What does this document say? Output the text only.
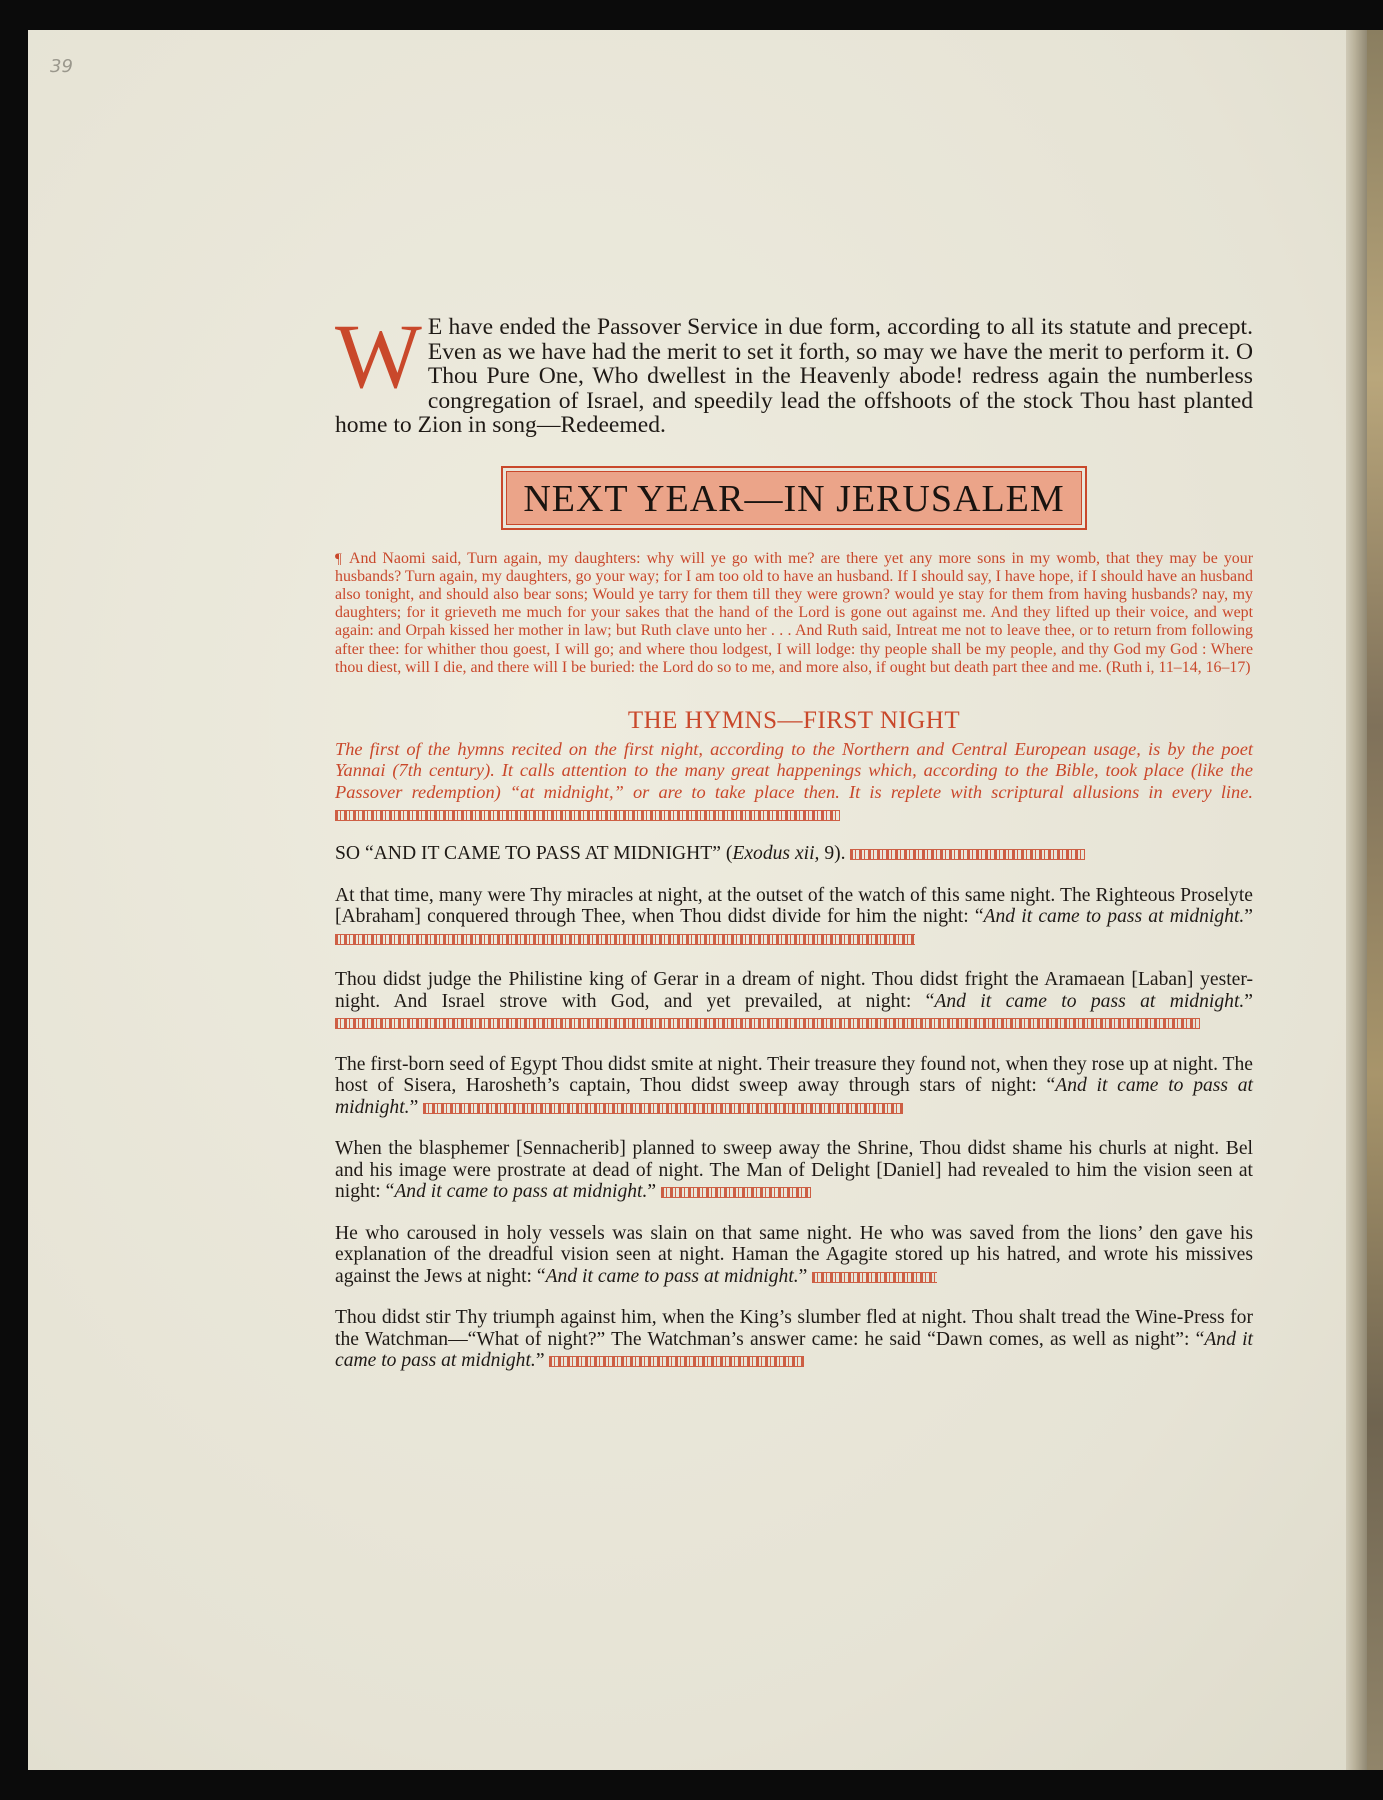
39

W E have ended the Passover Service in due form, according to all its statute and precept. Even as we have had the merit to set it forth, so may we have the merit to perform it. O Thou Pure One, Who dwellest in the Heavenly abode! redress again the numberless congregation of Israel, and speedily lead the offshoots of the stock Thou hast planted home to Zion in song—Redeemed.

NEXT YEAR—IN JERUSALEM

¶ And Naomi said, Turn again, my daughters: why will ye go with me? are there yet any more sons in my womb, that they may be your husbands? Turn again, my daughters, go your way; for I am too old to have an husband. If I should say, I have hope, if I should have an husband also tonight, and should also bear sons; Would ye tarry for them till they were grown? would ye stay for them from having husbands? nay, my daughters; for it grieveth me much for your sakes that the hand of the Lord is gone out against me. And they lifted up their voice, and wept again: and Orpah kissed her mother in law; but Ruth clave unto her . . . And Ruth said, Intreat me not to leave thee, or to return from following after thee: for whither thou goest, I will go; and where thou lodgest, I will lodge: thy people shall be my people, and thy God my God : Where thou diest, will I die, and there will I be buried: the Lord do so to me, and more also, if ought but death part thee and me. (Ruth i, 11–14, 16–17)

THE HYMNS—FIRST NIGHT

The first of the hymns recited on the first night, according to the Northern and Central European usage, is by the poet Yannai (7th century). It calls attention to the many great happenings which, according to the Bible, took place (like the Passover redemption) “at midnight,” or are to take place then. It is replete with scriptural allusions in every line.

SO “AND IT CAME TO PASS AT MIDNIGHT” (Exodus xii, 9).

At that time, many were Thy miracles at night, at the outset of the watch of this same night. The Righteous Proselyte [Abraham] conquered through Thee, when Thou didst divide for him the night: “And it came to pass at midnight.”

Thou didst judge the Philistine king of Gerar in a dream of night. Thou didst fright the Aramaean [Laban] yester-night. And Israel strove with God, and yet prevailed, at night: “And it came to pass at midnight.”

The first-born seed of Egypt Thou didst smite at night. Their treasure they found not, when they rose up at night. The host of Sisera, Harosheth’s captain, Thou didst sweep away through stars of night: “And it came to pass at midnight.”

When the blasphemer [Sennacherib] planned to sweep away the Shrine, Thou didst shame his churls at night. Bel and his image were prostrate at dead of night. The Man of Delight [Daniel] had revealed to him the vision seen at night: “And it came to pass at midnight.”

He who caroused in holy vessels was slain on that same night. He who was saved from the lions’ den gave his explanation of the dreadful vision seen at night. Haman the Agagite stored up his hatred, and wrote his missives against the Jews at night: “And it came to pass at midnight.”

Thou didst stir Thy triumph against him, when the King’s slumber fled at night. Thou shalt tread the Wine-Press for the Watchman—“What of night?” The Watchman’s answer came: he said “Dawn comes, as well as night”: “And it came to pass at midnight.”
